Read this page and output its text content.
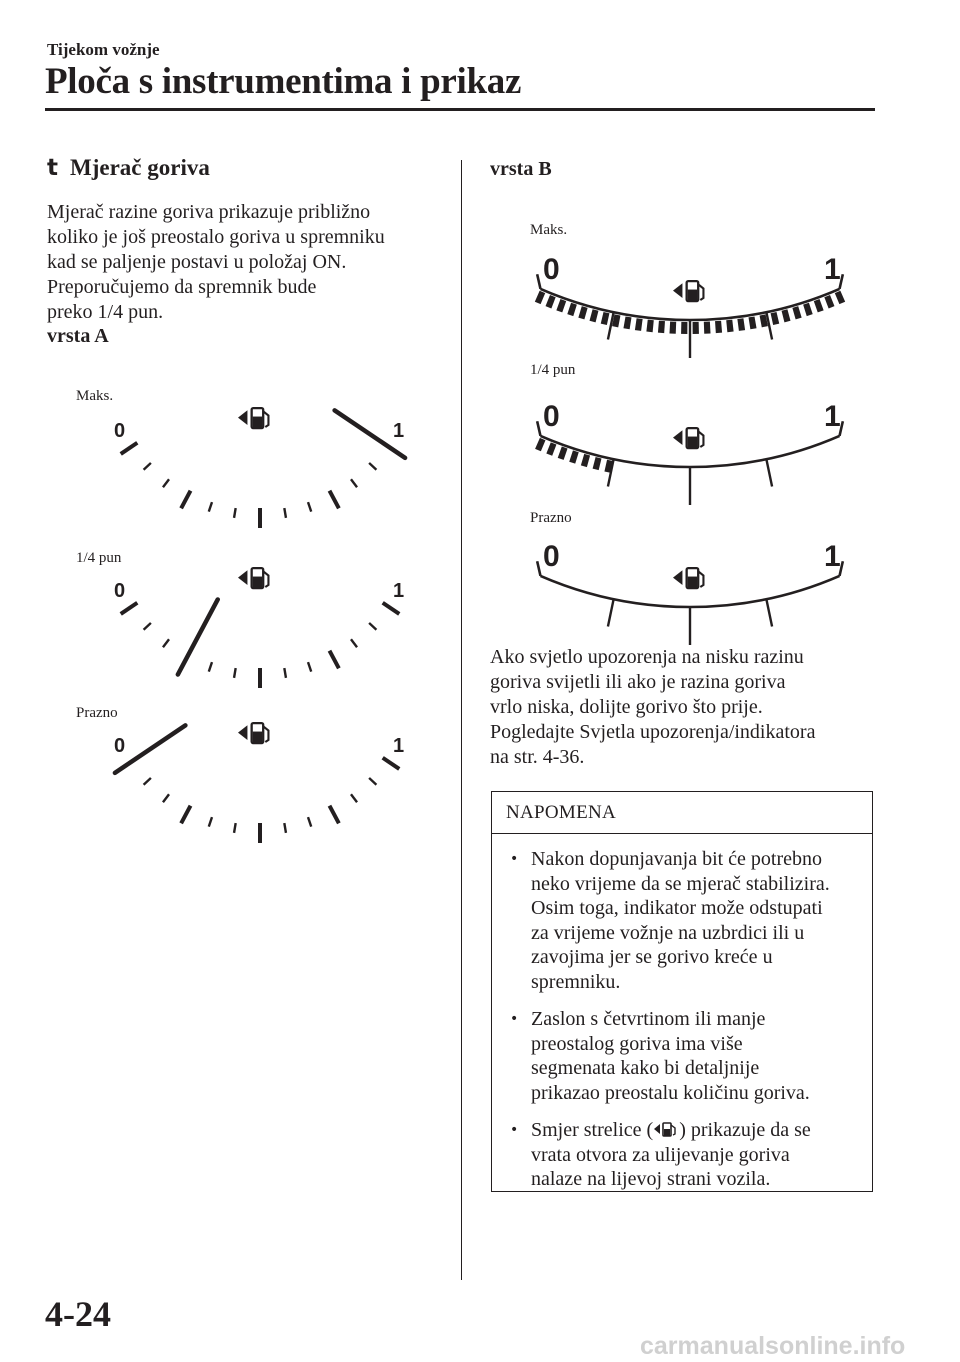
Tijekom vožnje
Ploča s instrumentima i prikaz
t Mjerač goriva
Mjerač razine goriva prikazuje približno
koliko je još preostalo goriva u spremniku
kad se paljenje postavi u položaj ON.
Preporučujemo da spremnik bude
preko 1/4 pun.
vrsta A
Maks.
1/4 pun
Prazno
0	1
0	1
0	1
vrsta B
Maks.
1/4 pun
Prazno
0	1
0	1
0	1
Ako svjetlo upozorenja na nisku razinu
goriva svijetli ili ako je razina goriva
vrlo niska, dolijte gorivo što prije.
Pogledajte Svjetla upozorenja/indikatora
na str. 4-36.
NAPOMENA
• Nakon dopunjavanja bit će potrebno
neko vrijeme da se mjerač stabilizira.
Osim toga, indikator može odstupati
za vrijeme vožnje na uzbrdici ili u
zavojima jer se gorivo kreće u
spremniku.
• Zaslon s četvrtinom ili manje
preostalog goriva ima više
segmenata kako bi detaljnije
prikazao preostalu količinu goriva.
• Smjer strelice ( ) prikazuje da se
vrata otvora za ulijevanje goriva
nalaze na lijevoj strani vozila.
4-24
carmanualsonline.info
